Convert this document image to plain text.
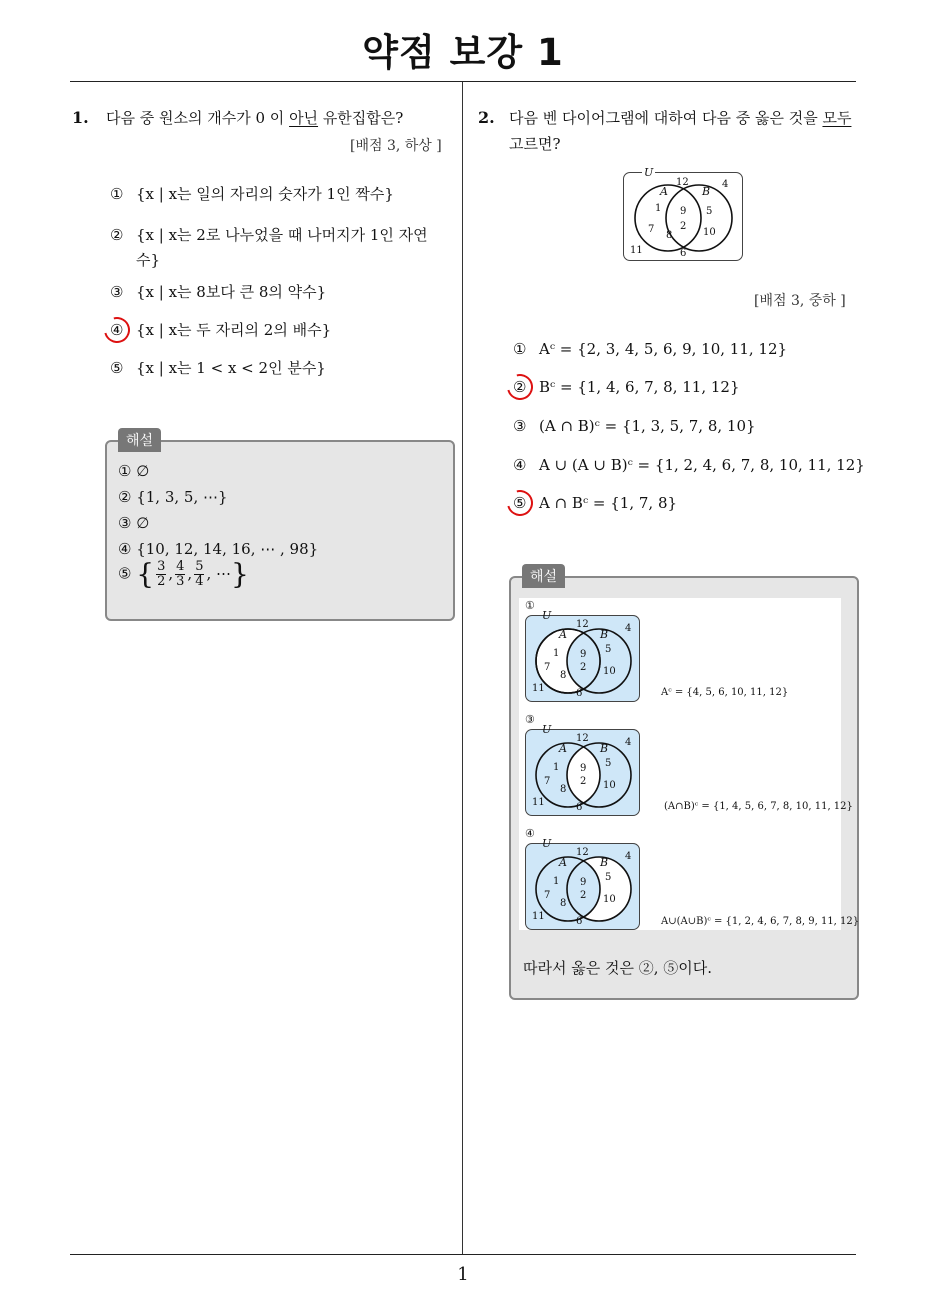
약점 보강 1
1
1. 다음 중 원소의 개수가 0 이 아닌 유한집합은?
[배점 3, 하상 ]
① {x | x는 일의 자리의 숫자가 1인 짝수}
② {x | x는 2로 나누었을 때 나머지가 1인 자연
수}
③ {x | x는 8보다 큰 8의 약수}
④ {x | x는 두 자리의 2의 배수}
⑤ {x | x는 1 < x < 2인 분수}
해설
① ∅
② {1, 3, 5, ⋯}
③ ∅
④ {10, 12, 14, 16, ⋯ , 98}
⑤ { $\frac{3}{2}$ , $\frac{4}{3}$ , $\frac{5}{4}$ , ⋯}
2. 다음 벤 다이어그램에 대하여 다음 중 옳은 것을 모두
고르면?
U
A	B
12	4
1 9 5
7	2
8	10
11	6
[배점 3, 중하 ]
① Aᶜ = {2, 3, 4, 5, 6, 9, 10, 11, 12}
② Bᶜ = {1, 4, 6, 7, 8, 11, 12}
③ (A ∩ B)ᶜ = {1, 3, 5, 7, 8, 10}
④ A ∪ (A ∪ B)ᶜ = {1, 2, 4, 6, 7, 8, 10, 11, 12}
⑤ A ∩ Bᶜ = {1, 7, 8}
해설
①
U
A	B
12	4
1 9 5
7	2
8	10
11	6	Aᶜ = {4, 5, 6, 10, 11, 12}
③
U
A	B
12	4
1 9 5
7	2
8	10
11	6	(A∩B)ᶜ = {1, 4, 5, 6, 7, 8, 10, 11, 12}
④
U
A	B
12	4
1 9 5
7	2
8	10
11	6	A∪(A∪B)ᶜ = {1, 2, 4, 6, 7, 8, 9, 11, 12}
따라서 옳은 것은 ②, ⑤이다.
